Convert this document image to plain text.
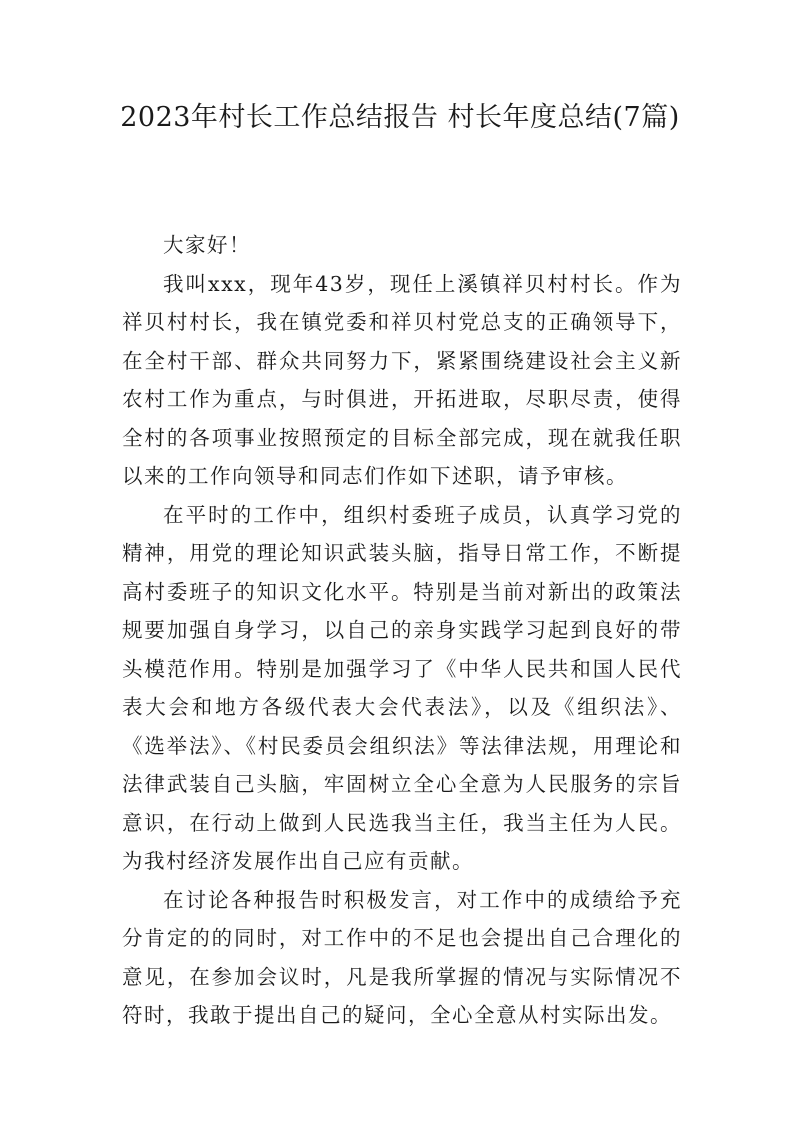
2023年村长工作总结报告 村长年度总结(7篇)

大家好！

我叫xxx，现年43岁，现任上溪镇祥贝村村长。作为祥贝村村长，我在镇党委和祥贝村党总支的正确领导下，在全村干部、群众共同努力下，紧紧围绕建设社会主义新农村工作为重点，与时俱进，开拓进取，尽职尽责，使得全村的各项事业按照预定的目标全部完成，现在就我任职以来的工作向领导和同志们作如下述职，请予审核。

在平时的工作中，组织村委班子成员，认真学习党的精神，用党的理论知识武装头脑，指导日常工作，不断提高村委班子的知识文化水平。特别是当前对新出的政策法规要加强自身学习，以自己的亲身实践学习起到良好的带头模范作用。特别是加强学习了《中华人民共和国人民代表大会和地方各级代表大会代表法》，以及《组织法》、《选举法》、《村民委员会组织法》等法律法规，用理论和法律武装自己头脑，牢固树立全心全意为人民服务的宗旨意识，在行动上做到人民选我当主任，我当主任为人民。为我村经济发展作出自己应有贡献。

在讨论各种报告时积极发言，对工作中的成绩给予充分肯定的的同时，对工作中的不足也会提出自己合理化的意见，在参加会议时，凡是我所掌握的情况与实际情况不符时，我敢于提出自己的疑问，全心全意从村实际出发。
